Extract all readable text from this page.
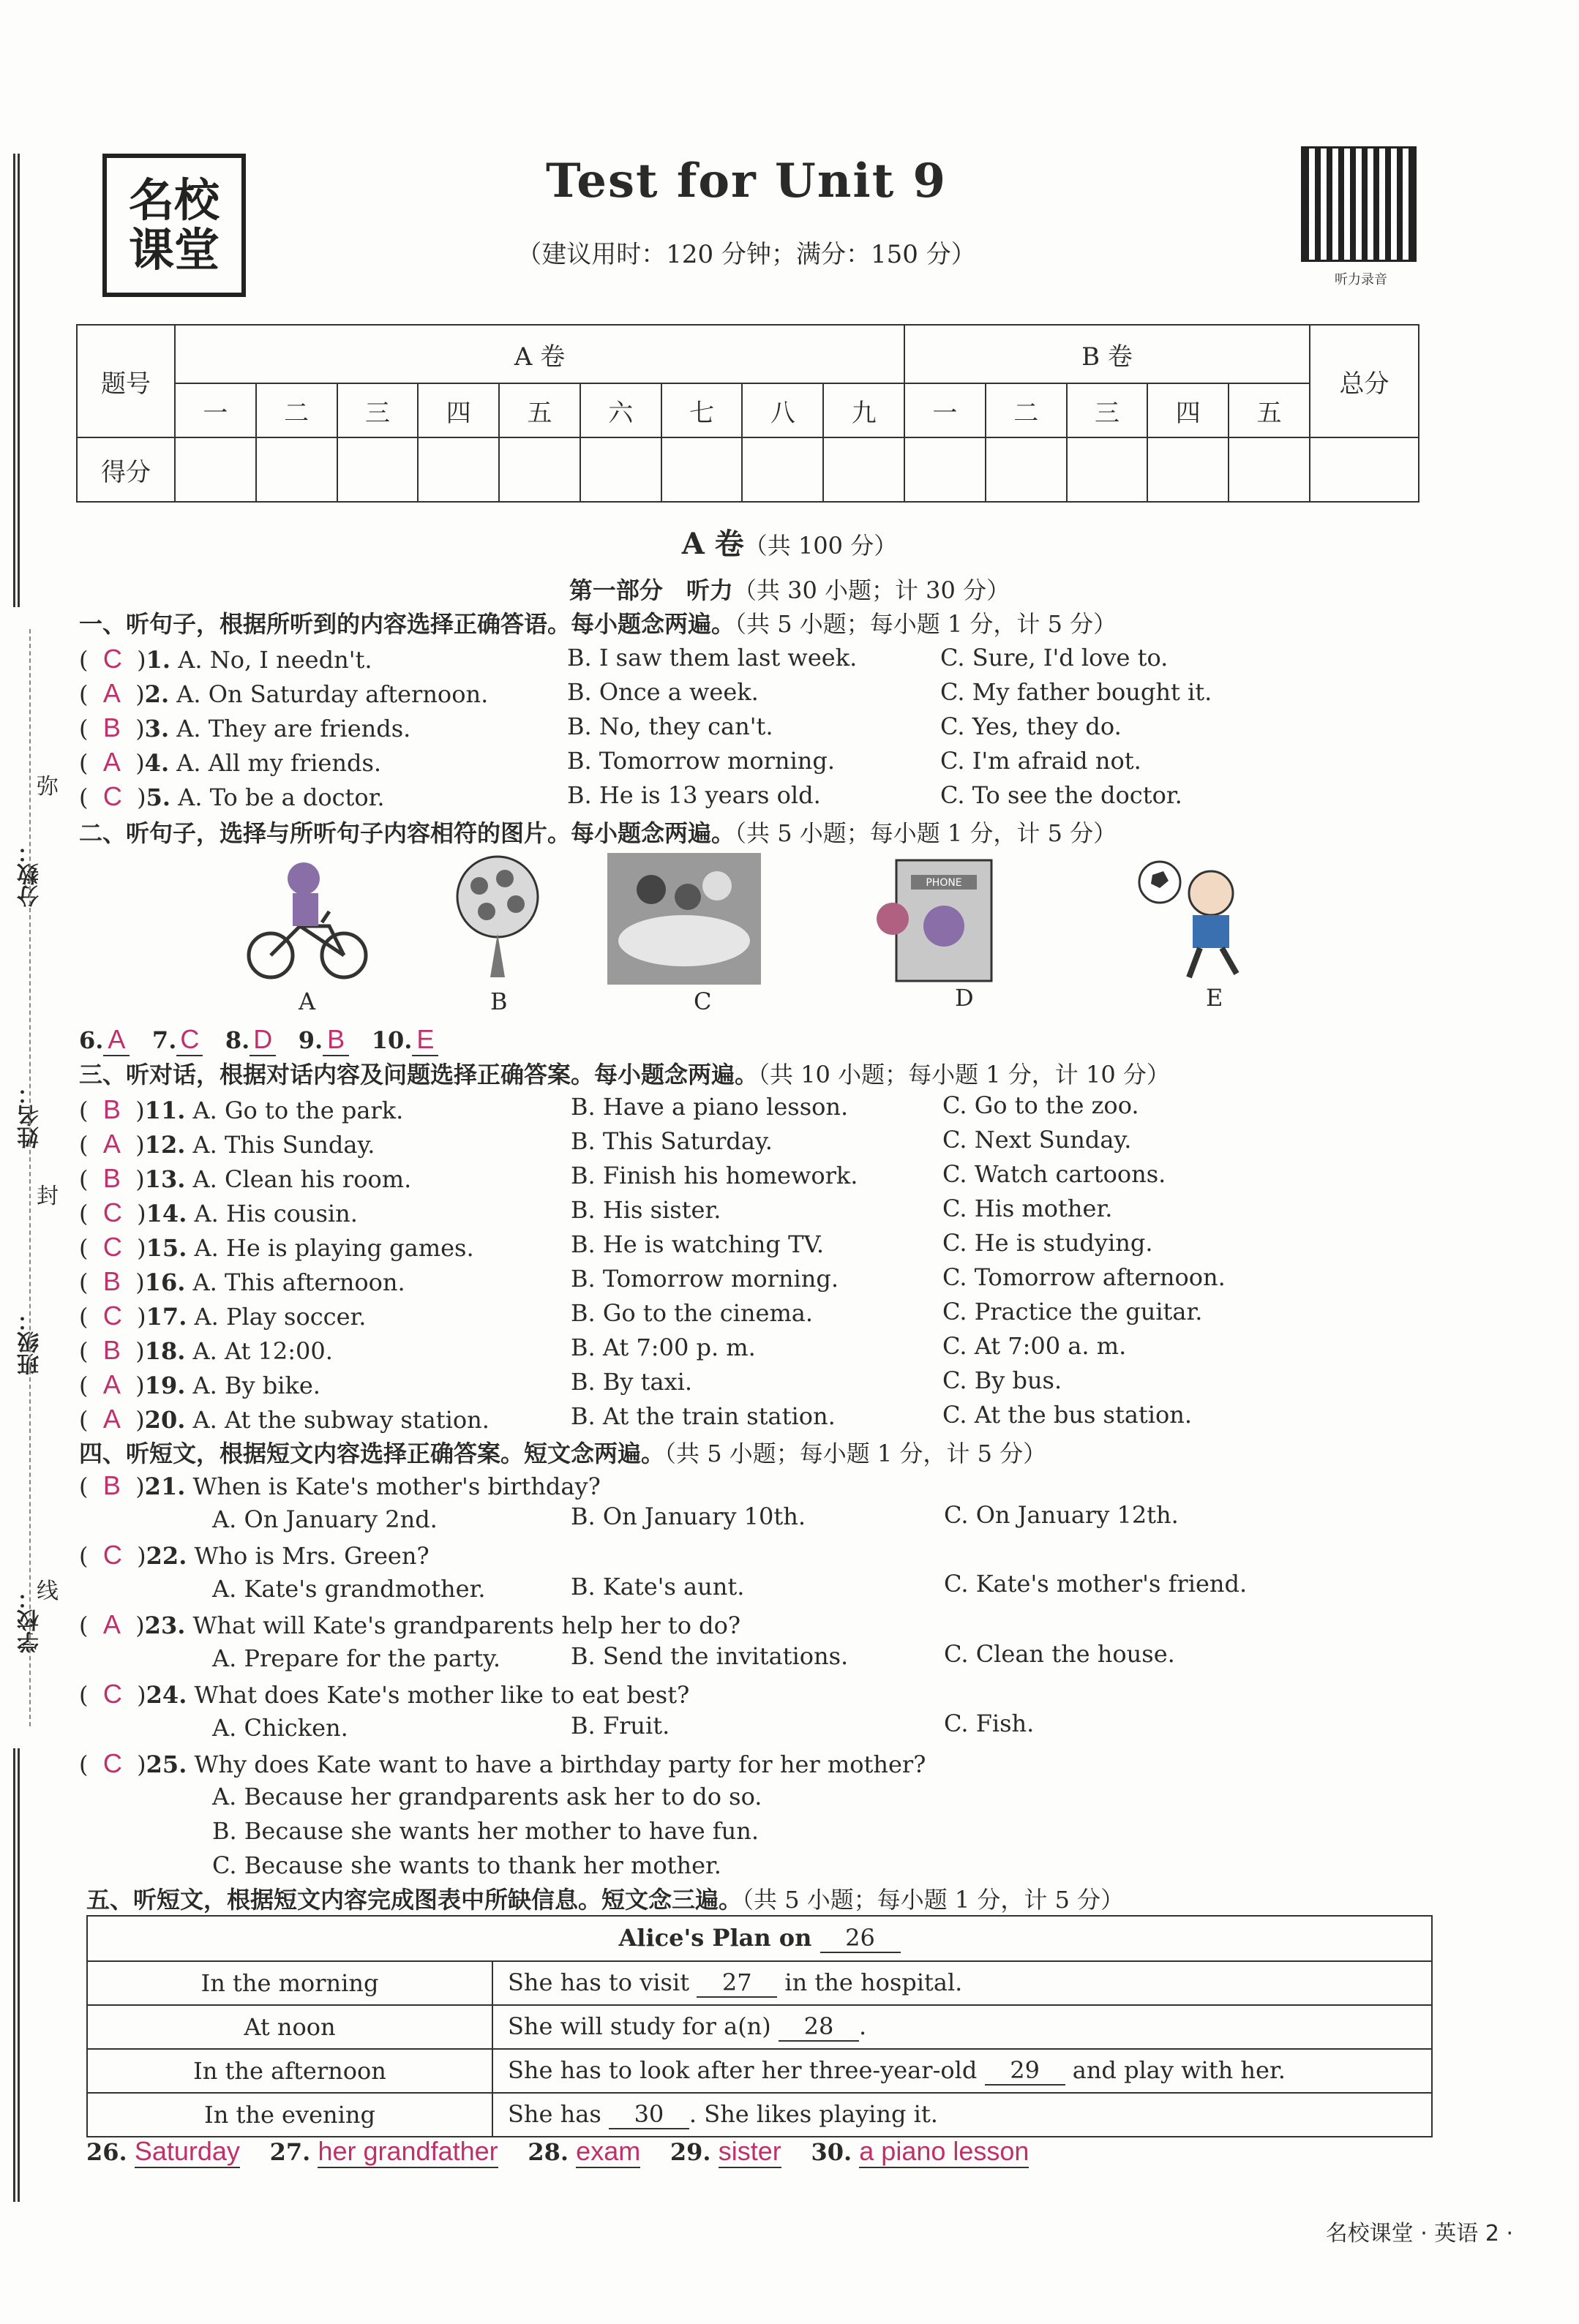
学校：
班级：
姓名：
分数：
弥
封
线
名校
课堂
Test for Unit 9
（建议用时：120 分钟；满分：150 分）
听力录音
题号	A 卷									B 卷					总分
	一	二	三	四	五	六	七	八	九	一	二	三	四	五	
得分															
A 卷（共 100 分）
第一部分　听力（共 30 小题；计 30 分）
一、听句子，根据所听到的内容选择正确答语。每小题念两遍。（共 5 小题；每小题 1 分，计 5 分）
(  C  )1. A. No, I needn't.	B. I saw them last week.	C. Sure, I'd love to.
(  A  )2. A. On Saturday afternoon.	B. Once a week.	C. My father bought it.
(  B  )3. A. They are friends.	B. No, they can't.	C. Yes, they do.
(  A  )4. A. All my friends.	B. Tomorrow morning.	C. I'm afraid not.
(  C  )5. A. To be a doctor.	B. He is 13 years old.	C. To see the doctor.
二、听句子，选择与所听句子内容相符的图片。每小题念两遍。（共 5 小题；每小题 1 分，计 5 分）
PHONE
A	B	C	D	E
6. A 7. C 8. D 9. B 10. E
三、听对话，根据对话内容及问题选择正确答案。每小题念两遍。（共 10 小题；每小题 1 分，计 10 分）
(  B  )11. A. Go to the park.	B. Have a piano lesson.	C. Go to the zoo.
(  A  )12. A. This Sunday.	B. This Saturday.	C. Next Sunday.
(  B  )13. A. Clean his room.	B. Finish his homework.	C. Watch cartoons.
(  C  )14. A. His cousin.	B. His sister.	C. His mother.
(  C  )15. A. He is playing games.	B. He is watching TV.	C. He is studying.
(  B  )16. A. This afternoon.	B. Tomorrow morning.	C. Tomorrow afternoon.
(  C  )17. A. Play soccer.	B. Go to the cinema.	C. Practice the guitar.
(  B  )18. A. At 12:00.	B. At 7:00 p. m.	C. At 7:00 a. m.
(  A  )19. A. By bike.	B. By taxi.	C. By bus.
(  A  )20. A. At the subway station.	B. At the train station.	C. At the bus station.
四、听短文，根据短文内容选择正确答案。短文念两遍。（共 5 小题；每小题 1 分，计 5 分）
(  B  )21. When is Kate's mother's birthday?
A. On January 2nd.	B. On January 10th.	C. On January 12th.
(  C  )22. Who is Mrs. Green?
A. Kate's grandmother.	B. Kate's aunt.	C. Kate's mother's friend.
(  A  )23. What will Kate's grandparents help her to do?
A. Prepare for the party.	B. Send the invitations.	C. Clean the house.
(  C  )24. What does Kate's mother like to eat best?
A. Chicken.	B. Fruit.	C. Fish.
(  C  )25. Why does Kate want to have a birthday party for her mother?
A. Because her grandparents ask her to do so.
B. Because she wants her mother to have fun.
C. Because she wants to thank her mother.
五、听短文，根据短文内容完成图表中所缺信息。短文念三遍。（共 5 小题；每小题 1 分，计 5 分）
Alice's Plan on 26	
In the morning	She has to visit 27 in the hospital.
At noon	She will study for a(n) 28 .
In the afternoon	She has to look after her three-year-old 29 and play with her.
In the evening	She has 30 . She likes playing it.
26. Saturday 27. her grandfather 28. exam 29. sister 30. a piano lesson
名校课堂 · 英语 2 ·
